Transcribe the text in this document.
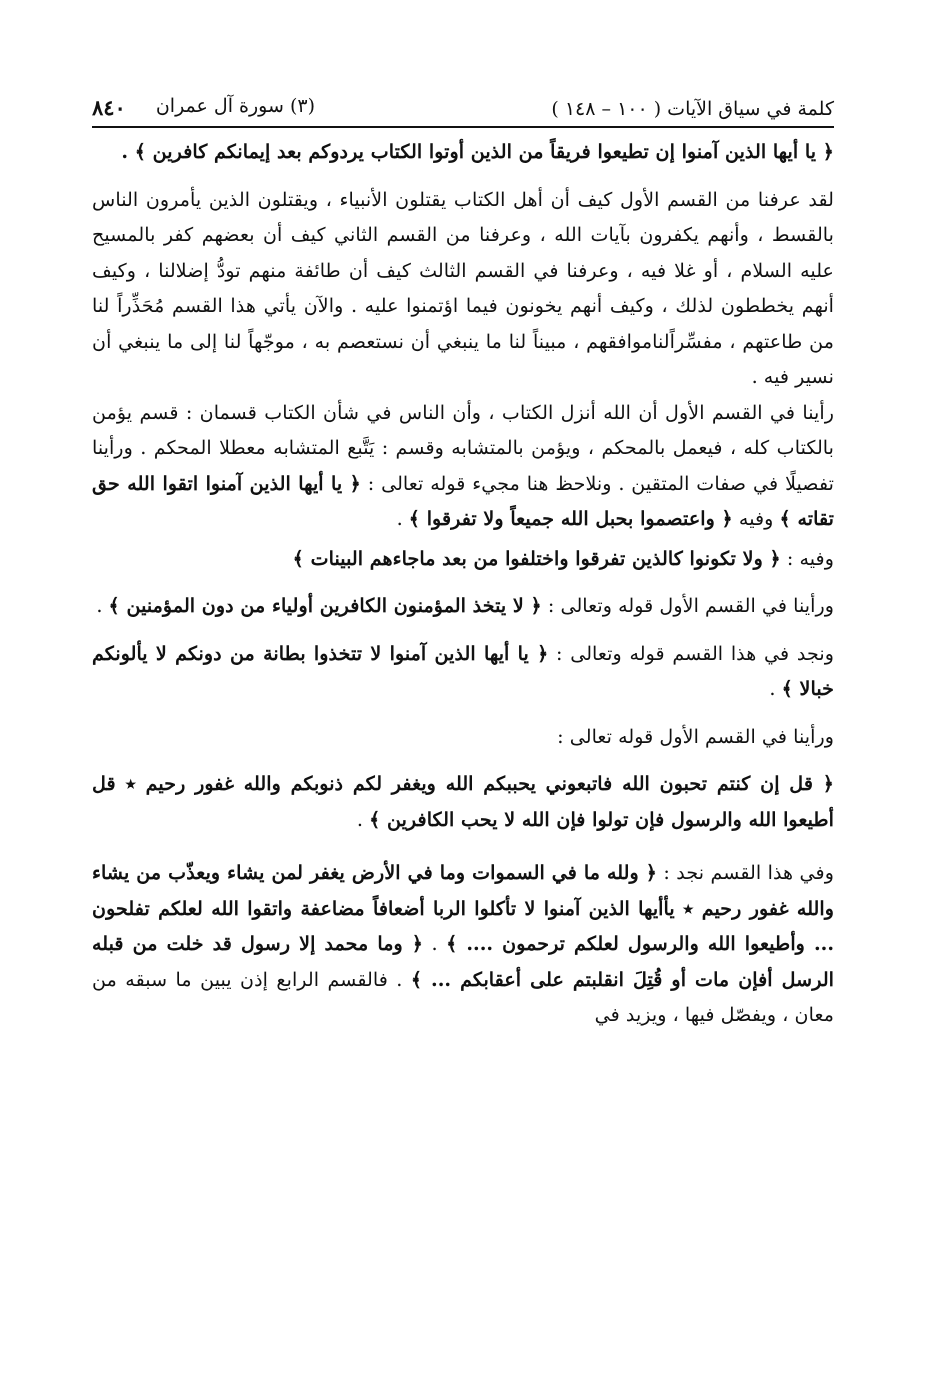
كلمة في سياق الآيات ( ١٠٠ – ١٤٨ )
(٣) سورة آل عمران
٨٤٠

﴿ يا أيها الذين آمنوا إن تطيعوا فريقاً من الذين أوتوا الكتاب يردوكم بعد إيمانكم كافرين ﴾ .

لقد عرفنا من القسم الأول كيف أن أهل الكتاب يقتلون الأنبياء ، ويقتلون الذين يأمرون الناس بالقسط ، وأنهم يكفرون بآيات الله ، وعرفنا من القسم الثاني كيف أن بعضهم كفر بالمسيح عليه السلام ، أو غلا فيه ، وعرفنا في القسم الثالث كيف أن طائفة منهم تودُّ إضلالنا ، وكيف أنهم يخططون لذلك ، وكيف أنهم يخونون فيما اؤتمنوا عليه . والآن يأتي هذا القسم مُحَذِّراً لنا من طاعتهم ، مفسِّراًلناموافقهم ، مبيناً لنا ما ينبغي أن نستعصم به ، موجّهاً لنا إلى ما ينبغي أن نسير فيه .

رأينا في القسم الأول أن الله أنزل الكتاب ، وأن الناس في شأن الكتاب قسمان : قسم يؤمن بالكتاب كله ، فيعمل بالمحكم ، ويؤمن بالمتشابه وقسم : يَتَّبع المتشابه معطلا المحكم . ورأينا تفصيلًا في صفات المتقين . ونلاحظ هنا مجيء قوله تعالى : ﴿ يا أيها الذين آمنوا اتقوا الله حق تقاته ﴾ وفيه ﴿ واعتصموا بحبل الله جميعاً ولا تفرقوا ﴾ .

وفيه : ﴿ ولا تكونوا كالذين تفرقوا واختلفوا من بعد ماجاءهم البينات ﴾

ورأينا في القسم الأول قوله وتعالى : ﴿ لا يتخذ المؤمنون الكافرين أولياء من دون المؤمنين ﴾ .

ونجد في هذا القسم قوله وتعالى : ﴿ يا أيها الذين آمنوا لا تتخذوا بطانة من دونكم لا يألونكم خبالا ﴾ .

ورأينا في القسم الأول قوله تعالى :

﴿ قل إن كنتم تحبون الله فاتبعوني يحببكم الله ويغفر لكم ذنوبكم والله غفور رحيم ٭ قل أطيعوا الله والرسول فإن تولوا فإن الله لا يحب الكافرين ﴾ .

وفي هذا القسم نجد : ﴿ ولله ما في السموات وما في الأرض يغفر لمن يشاء ويعذّب من يشاء والله غفور رحيم ٭ يأأيها الذين آمنوا لا تأكلوا الربا أضعافاً مضاعفة واتقوا الله لعلكم تفلحون ... وأطيعوا الله والرسول لعلكم ترحمون .... ﴾ . ﴿ وما محمد إلا رسول قد خلت من قبله الرسل أفإن مات أو قُتِلَ انقلبتم على أعقابكم ... ﴾ . فالقسم الرابع إذن يبين ما سبقه من معان ، ويفصّل فيها ، ويزيد في
